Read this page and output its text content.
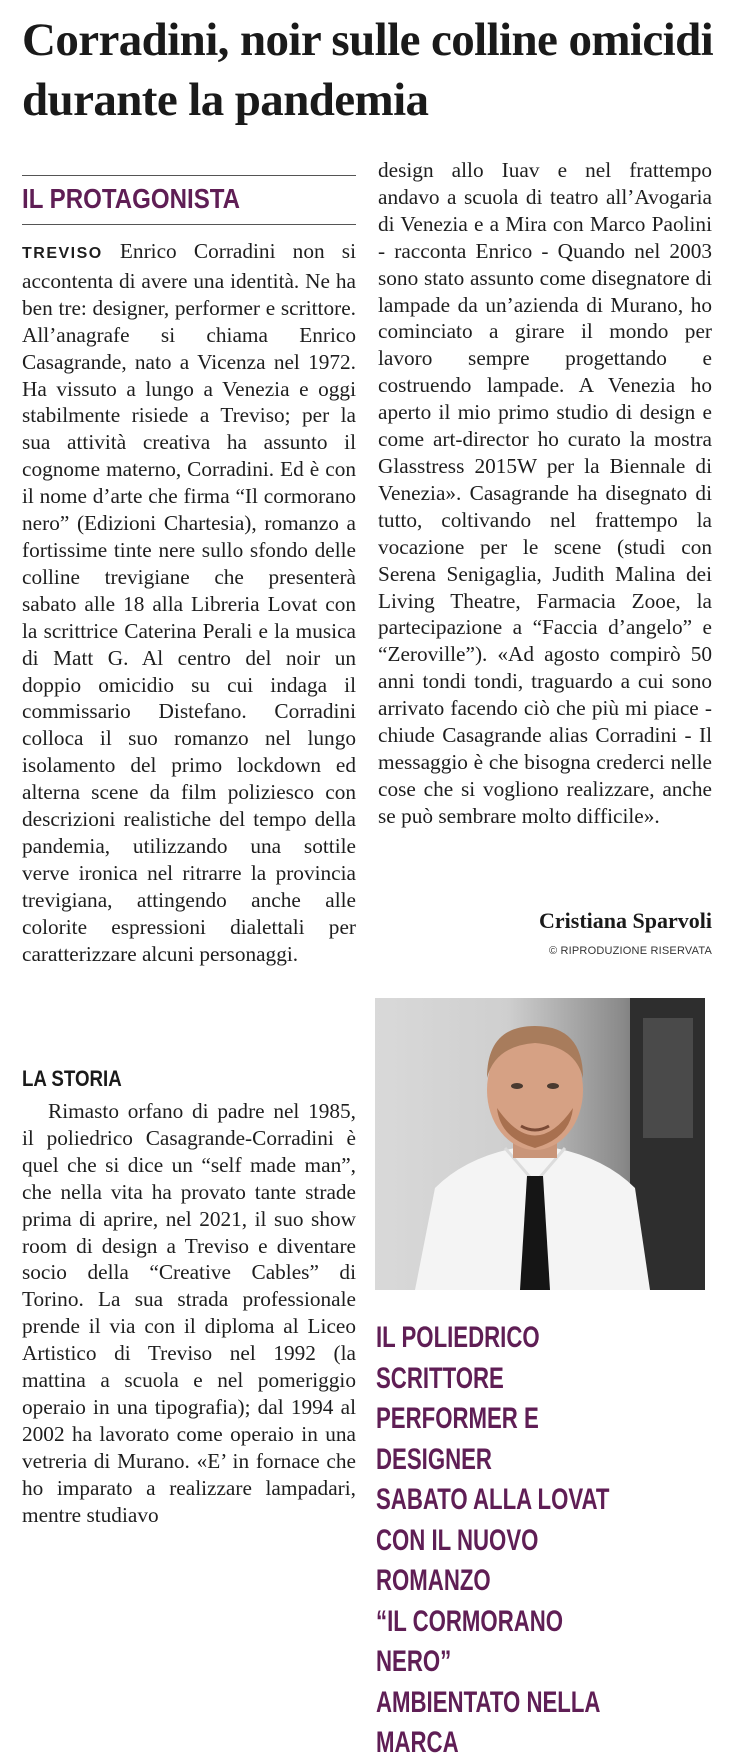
Corradini, noir sulle colline omicidi durante la pandemia
IL PROTAGONISTA

TREVISO Enrico Corradini non si accontenta di avere una identità. Ne ha ben tre: designer, performer e scrittore. All’anagrafe si chiama Enrico Casagrande, nato a Vicenza nel 1972. Ha vissuto a lungo a Venezia e oggi stabilmente risiede a Treviso; per la sua attività creativa ha assunto il cognome materno, Corradini. Ed è con il nome d’arte che firma “Il cormorano nero” (Edizioni Chartesia), romanzo a fortissime tinte nere sullo sfondo delle colline trevigiane che presenterà sabato alle 18 alla Libreria Lovat con la scrittrice Caterina Perali e la musica di Matt G. Al centro del noir un doppio omicidio su cui indaga il commissario Distefano. Corradini colloca il suo romanzo nel lungo isolamento del primo lockdown ed alterna scene da film poliziesco con descrizioni realistiche del tempo della pandemia, utilizzando una sottile verve ironica nel ritrarre la provincia trevigiana, attingendo anche alle colorite espressioni dialettali per caratterizzare alcuni personaggi.

LA STORIA

Rimasto orfano di padre nel 1985, il poliedrico Casagrande-Corradini è quel che si dice un “self made man”, che nella vita ha provato tante strade prima di aprire, nel 2021, il suo show room di design a Treviso e diventare socio della “Creative Cables” di Torino. La sua strada professionale prende il via con il diploma al Liceo Artistico di Treviso nel 1992 (la mattina a scuola e nel pomeriggio operaio in una tipografia); dal 1994 al 2002 ha lavorato come operaio in una vetreria di Murano. «E’ in fornace che ho imparato a realizzare lampadari, mentre studiavo

design allo Iuav e nel frattempo andavo a scuola di teatro all’Avogaria di Venezia e a Mira con Marco Paolini - racconta Enrico - Quando nel 2003 sono stato assunto come disegnatore di lampade da un’azienda di Murano, ho cominciato a girare il mondo per lavoro sempre progettando e costruendo lampade. A Venezia ho aperto il mio primo studio di design e come art-director ho curato la mostra Glasstress 2015W per la Biennale di Venezia». Casagrande ha disegnato di tutto, coltivando nel frattempo la vocazione per le scene (studi con Serena Senigaglia, Judith Malina dei Living Theatre, Farmacia Zooe, la partecipazione a “Faccia d’angelo” e “Zeroville”). «Ad agosto compirò 50 anni tondi tondi, traguardo a cui sono arrivato facendo ciò che più mi piace - chiude Casagrande alias Corradini - Il messaggio è che bisogna crederci nelle cose che si vogliono realizzare, anche se può sembrare molto difficile».

Cristiana Sparvoli

© RIPRODUZIONE RISERVATA

IL POLIEDRICO SCRITTORE
PERFORMER E DESIGNER
SABATO ALLA LOVAT
CON IL NUOVO ROMANZO
“IL CORMORANO NERO”
AMBIENTATO NELLA MARCA
